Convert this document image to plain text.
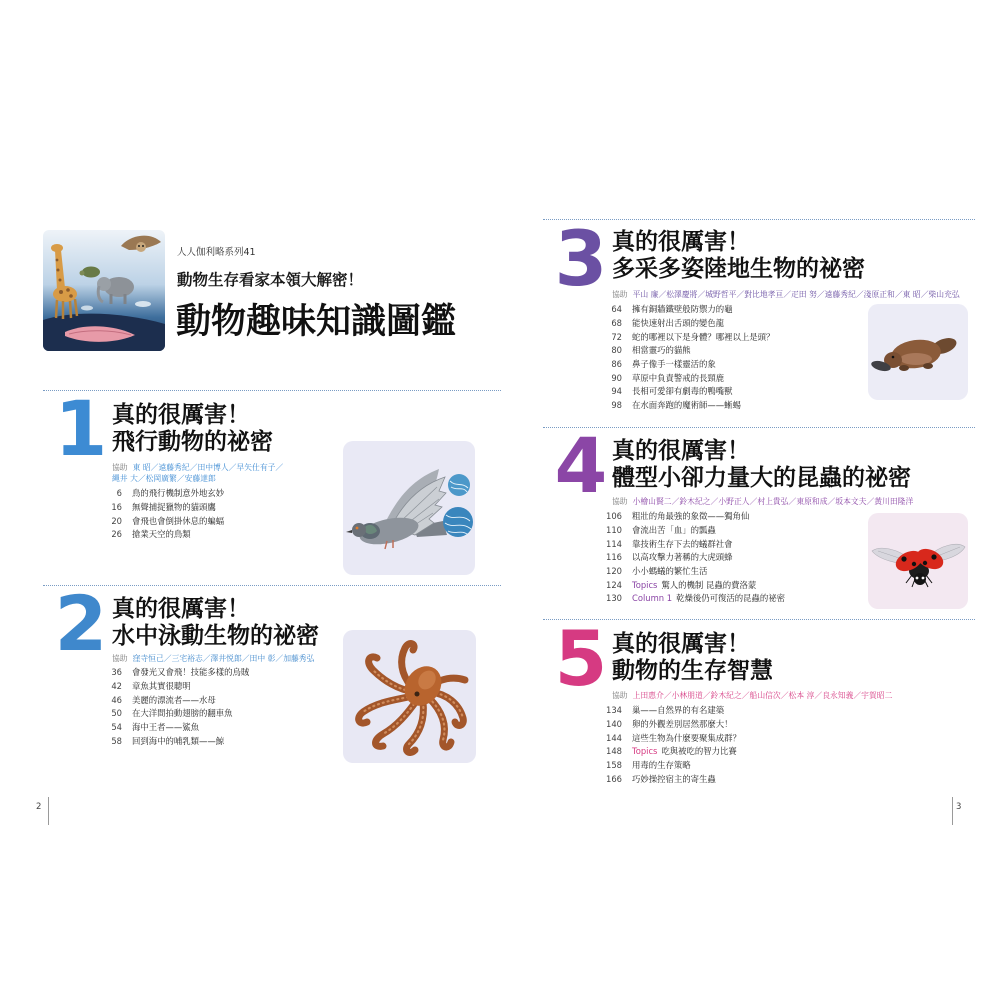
人人伽利略系列41
動物生存看家本領大解密！
動物趣味知識圖鑑
1 真的很厲害！
飛行動物的祕密
協助 東 昭／遠藤秀紀／田中博人／早矢仕有子／
縄井 大／松岡廣繁／安藤達郎
6 鳥的飛行機制意外地玄妙
16 無聲捕捉獵物的貓頭鷹
20 會飛也會倒掛休息的蝙蝠
26 搶業天空的鳥類
2 真的很厲害！
水中泳動生物的祕密
協助 窪寺恒己／三宅裕志／澤井悦郎／田中 彰／加藤秀弘
36 會發光又會飛！技能多樣的烏賊
42 章魚其實很聰明
46 美麗的漂流者——水母
50 在大洋間拍動翅膀的翻車魚
54 海中王者——鯊魚
58 回到海中的哺乳類——鯨
2
3 真的很厲害！
多采多姿陸地生物的祕密
協助 平山 廉／松澤慶將／城野哲平／對比地孝亘／疋田 努／遠藤秀紀／淺原正和／東 昭／柴山充弘
64 擁有銅牆鐵壁般防禦力的龜
68 能快速射出舌頭的變色龍
72 蛇的哪裡以下是身體？哪裡以上是頭？
80 相當靈巧的貓熊
86 鼻子像手一樣靈活的象
90 草原中負責警戒的長頸鹿
94 長相可愛卻有劇毒的鴨嘴獸
98 在水面奔跑的魔術師——蜥蜴
4 真的很厲害！
體型小卻力量大的昆蟲的祕密
協助 小檜山賢二／鈴木紀之／小野正人／村上貴弘／東原和成／坂本文夫／黃川田隆洋
106 粗壯的角最強的象徵——獨角仙
110 會流出苦「血」的瓢蟲
114 靠技術生存下去的蟻群社會
116 以高攻擊力著稱的大虎頭蜂
120 小小螞蟻的繁忙生活
124 Topics 驚人的機制 昆蟲的費洛蒙
130 Column 1 乾燥後仍可復活的昆蟲的祕密
5 真的很厲害！
動物的生存智慧
協助 上田惠介／小林朋道／鈴木紀之／船山信次／松本 淳／良永知義／宇賀昭二
134 巢——自然界的有名建築
140 卵的外觀差別居然那麼大！
144 這些生物為什麼要聚集成群？
148 Topics 吃與被吃的智力比賽
158 用毒的生存策略
166 巧妙操控宿主的寄生蟲
3
